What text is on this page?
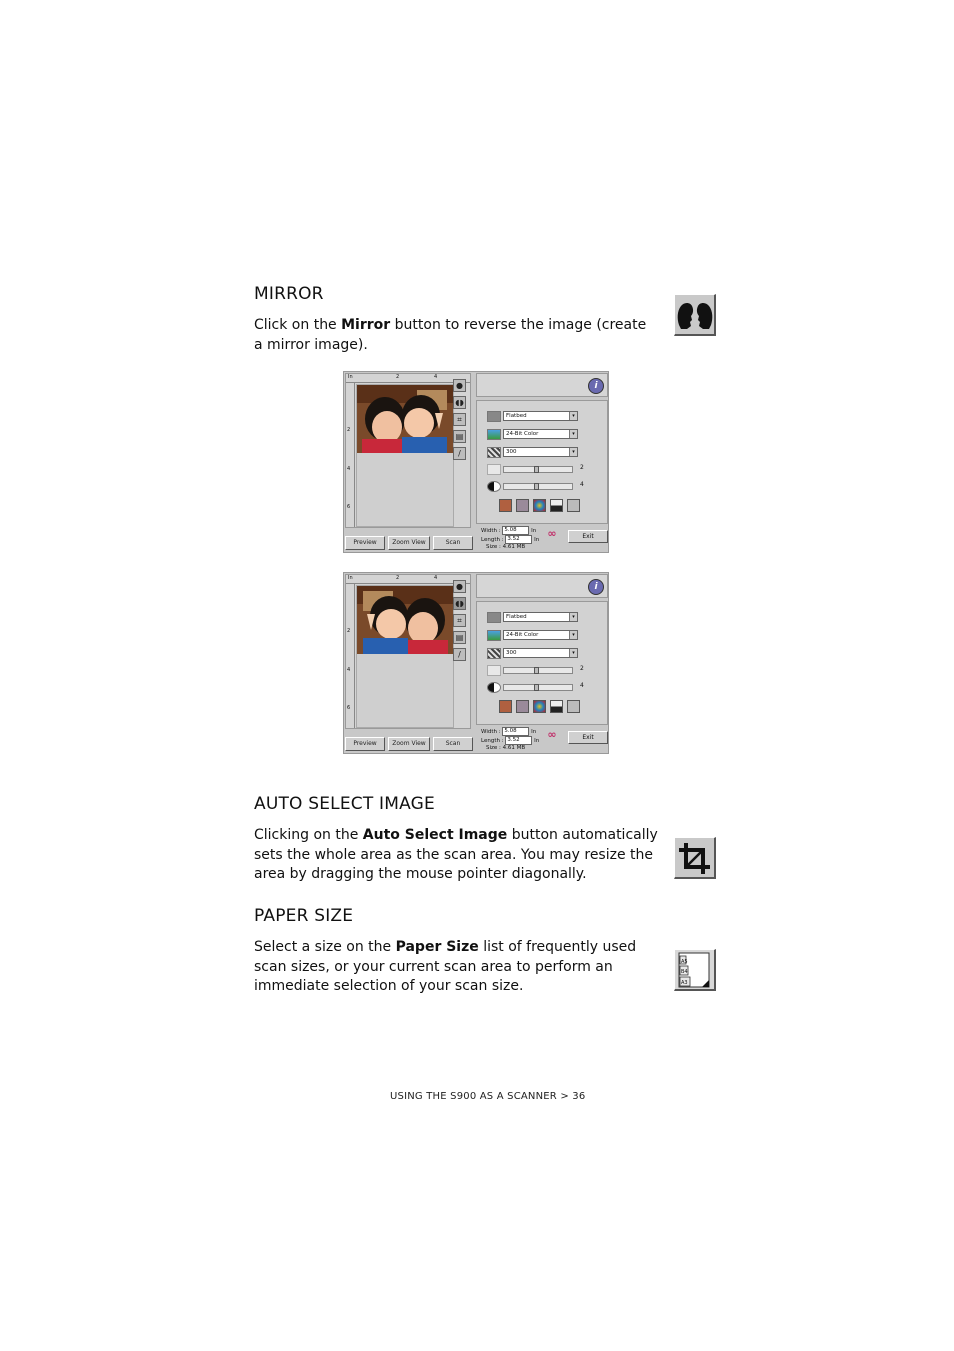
MIRROR
Click on the Mirror button to reverse the image (create a mirror image).
In	2	4
2
4
6
●
◖◗
⌗
▤
/
Preview	Zoom View	Scan
i
Flatbed	▾
24-Bit Color	▾
300	▾
2
4
Width : 5.08	In
Length : 3.52	In
Size : 4.61 MB
∞	Exit
In	2	4
2
4
6
●
◖◗
⌗
▤
/
Preview	Zoom View	Scan
i
Flatbed	▾
24-Bit Color	▾
300	▾
2
4
Width : 5.08	In
Length : 3.52	In
Size : 4.61 MB
∞	Exit
AUTO SELECT IMAGE
Clicking on the Auto Select Image button automatically sets the whole area as the scan area. You may resize the area by dragging the mouse pointer diagonally.
PAPER SIZE
Select a size on the Paper Size list of frequently used scan sizes, or your current scan area to perform an immediate selection of your scan size.
A5
B4
A3
USING THE S900 AS A SCANNER > 36
